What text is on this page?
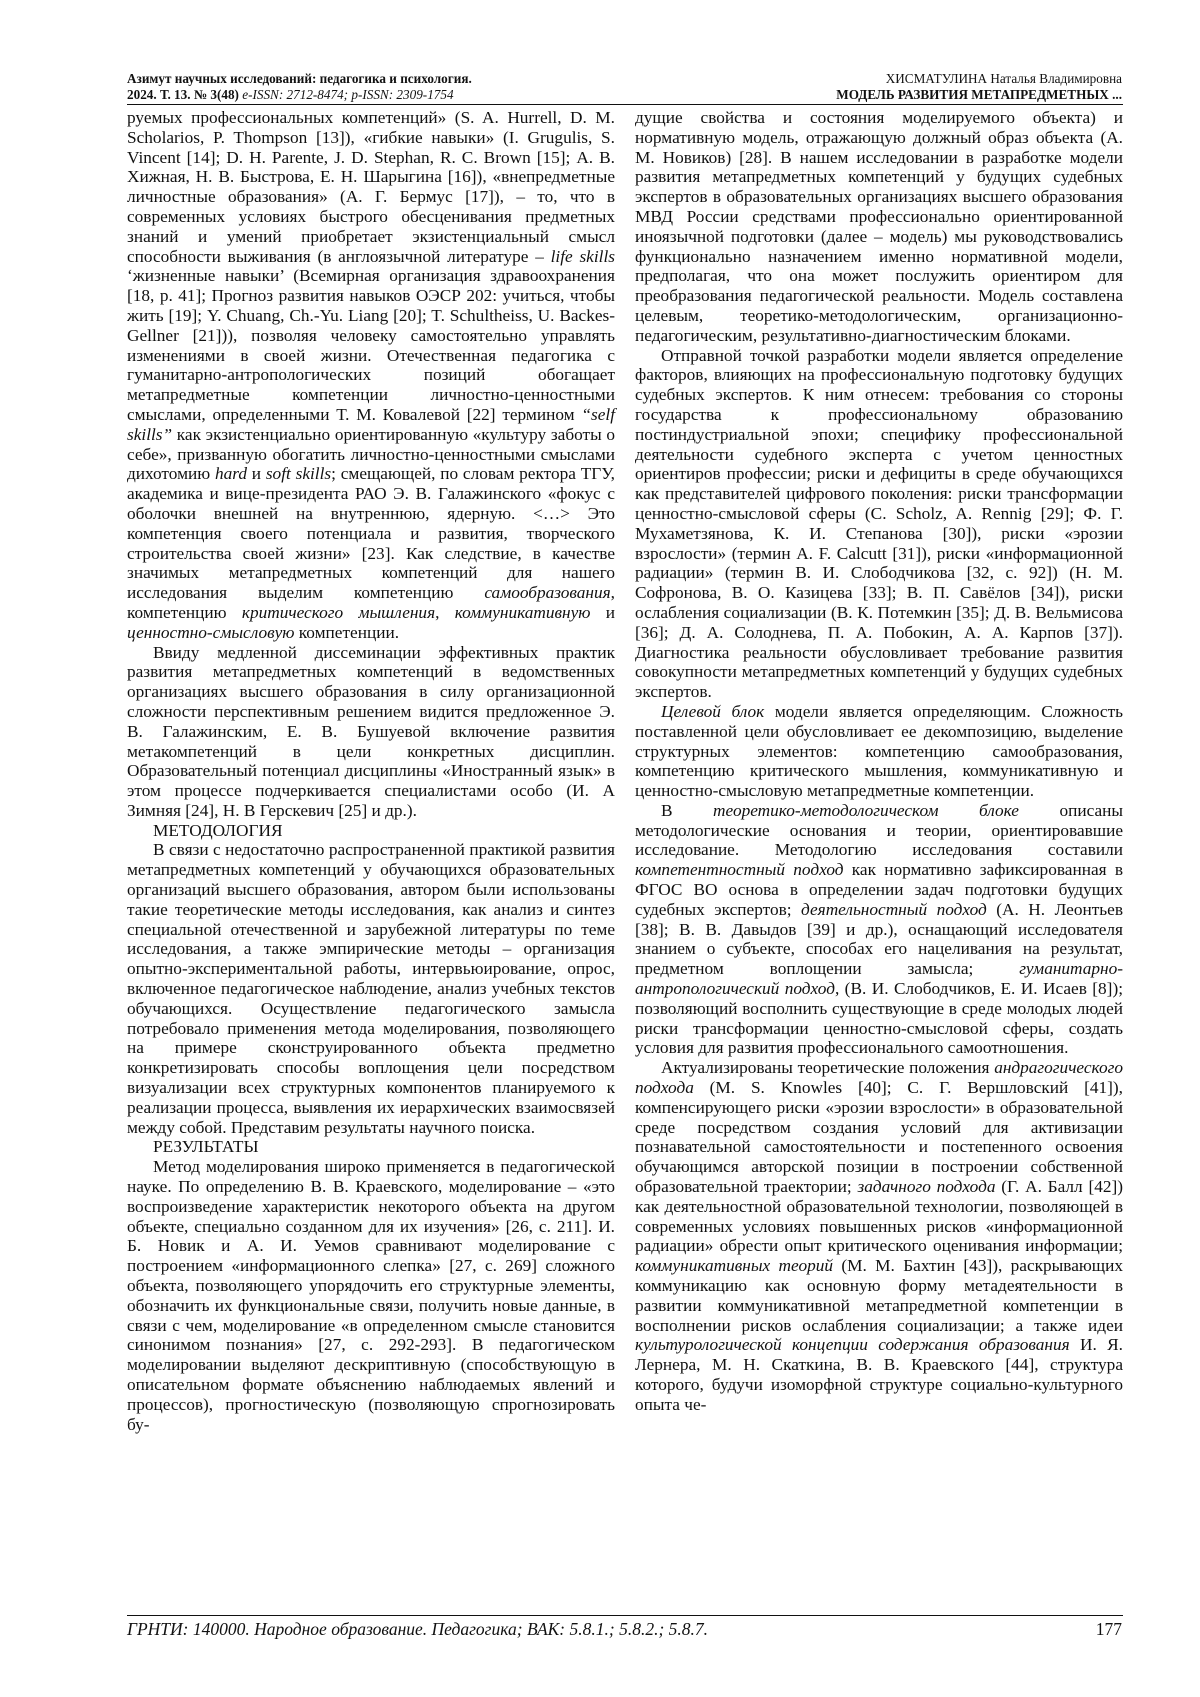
Азимут научных исследований: педагогика и психология.
2024. Т. 13. № 3(48) e-ISSN: 2712-8474; p-ISSN: 2309-1754
ХИСМАТУЛИНА Наталья Владимировна
МОДЕЛЬ РАЗВИТИЯ МЕТАПРЕДМЕТНЫХ ...

руемых профессиональных компетенций» (S. A. Hurrell, D. M. Scholarios, P. Thompson [13]), «гибкие навыки» (I. Grugulis, S. Vincent [14]; D. H. Parente, J. D. Stephan, R. C. Brown [15]; А. В. Хижная, Н. В. Быстрова, Е. Н. Шарыгина [16]), «внепредметные личностные образования» (А. Г. Бермус [17]), – то, что в современных условиях быстрого обесценивания предметных знаний и умений приобретает экзистенциальный смысл способности выживания (в англоязычной литературе – life skills ‘жизненные навыки’ (Всемирная организация здравоохранения [18, р. 41]; Прогноз развития навыков ОЭСР 202: учиться, чтобы жить [19]; Y. Chuang, Ch.-Yu. Liang [20]; T. Schultheiss, U. Backes-Gellner [21])), позволяя человеку самостоятельно управлять изменениями в своей жизни. Отечественная педагогика с гуманитарно-антропологических позиций обогащает метапредметные компетенции личностно-ценностными смыслами, определенными Т. М. Ковалевой [22] термином “self skills” как экзистенциально ориентированную «культуру заботы о себе», призванную обогатить личностно-ценностными смыслами дихотомию hard и soft skills; смещающей, по словам ректора ТГУ, академика и вице-президента РАО Э. В. Галажинского «фокус с оболочки внешней на внутреннюю, ядерную. <…> Это компетенция своего потенциала и развития, творческого строительства своей жизни» [23]. Как следствие, в качестве значимых метапредметных компетенций для нашего исследования выделим компетенцию самообразования, компетенцию критического мышления, коммуникативную и ценностно-смысловую компетенции.

Ввиду медленной диссеминации эффективных практик развития метапредметных компетенций в ведомственных организациях высшего образования в силу организационной сложности перспективным решением видится предложенное Э. В. Галажинским, Е. В. Бушуевой включение развития метакомпетенций в цели конкретных дисциплин. Образовательный потенциал дисциплины «Иностранный язык» в этом процессе подчеркивается специалистами особо (И. А Зимняя [24], Н. В Герскевич [25] и др.).

МЕТОДОЛОГИЯ

В связи с недостаточно распространенной практикой развития метапредметных компетенций у обучающихся образовательных организаций высшего образования, автором были использованы такие теоретические методы исследования, как анализ и синтез специальной отечественной и зарубежной литературы по теме исследования, а также эмпирические методы – организация опытно-экспериментальной работы, интервьюирование, опрос, включенное педагогическое наблюдение, анализ учебных текстов обучающихся. Осуществление педагогического замысла потребовало применения метода моделирования, позволяющего на примере сконструированного объекта предметно конкретизировать способы воплощения цели посредством визуализации всех структурных компонентов планируемого к реализации процесса, выявления их иерархических взаимосвязей между собой. Представим результаты научного поиска.

РЕЗУЛЬТАТЫ

Метод моделирования широко применяется в педагогической науке. По определению В. В. Краевского, моделирование – «это воспроизведение характеристик некоторого объекта на другом объекте, специально созданном для их изучения» [26, с. 211]. И. Б. Новик и А. И. Уемов сравнивают моделирование с построением «информационного слепка» [27, с. 269] сложного объекта, позволяющего упорядочить его структурные элементы, обозначить их функциональные связи, получить новые данные, в связи с чем, моделирование «в определенном смысле становится синонимом познания» [27, с. 292-293]. В педагогическом моделировании выделяют дескриптивную (способствующую в описательном формате объяснению наблюдаемых явлений и процессов), прогностическую (позволяющую спрогнозировать бу-

дущие свойства и состояния моделируемого объекта) и нормативную модель, отражающую должный образ объекта (А. М. Новиков) [28]. В нашем исследовании в разработке модели развития метапредметных компетенций у будущих судебных экспертов в образовательных организациях высшего образования МВД России средствами профессионально ориентированной иноязычной подготовки (далее – модель) мы руководствовались функционально назначением именно нормативной модели, предполагая, что она может послужить ориентиром для преобразования педагогической реальности. Модель составлена целевым, теоретико-методологическим, организационно-педагогическим, результативно-диагностическим блоками.

Отправной точкой разработки модели является определение факторов, влияющих на профессиональную подготовку будущих судебных экспертов. К ним отнесем: требования со стороны государства к профессиональному образованию постиндустриальной эпохи; специфику профессиональной деятельности судебного эксперта с учетом ценностных ориентиров профессии; риски и дефициты в среде обучающихся как представителей цифрового поколения: риски трансформации ценностно-смысловой сферы (C. Scholz, A. Rennig [29]; Ф. Г. Мухаметзянова, К. И. Степанова [30]), риски «эрозии взрослости» (термин A. F. Calcutt [31]), риски «информационной радиации» (термин В. И. Слободчикова [32, с. 92]) (Н. М. Софронова, В. О. Казицева [33]; В. П. Савёлов [34]), риски ослабления социализации (В. К. Потемкин [35]; Д. В. Вельмисова [36]; Д. А. Солоднева, П. А. Побокин, А. А. Карпов [37]). Диагностика реальности обусловливает требование развития совокупности метапредметных компетенций у будущих судебных экспертов.

Целевой блок модели является определяющим. Сложность поставленной цели обусловливает ее декомпозицию, выделение структурных элементов: компетенцию самообразования, компетенцию критического мышления, коммуникативную и ценностно-смысловую метапредметные компетенции.

В теоретико-методологическом блоке описаны методологические основания и теории, ориентировавшие исследование. Методологию исследования составили компетентностный подход как нормативно зафиксированная в ФГОС ВО основа в определении задач подготовки будущих судебных экспертов; деятельностный подход (А. Н. Леонтьев [38]; В. В. Давыдов [39] и др.), оснащающий исследователя знанием о субъекте, способах его нацеливания на результат, предметном воплощении замысла; гуманитарно-антропологический подход, (В. И. Слободчиков, Е. И. Исаев [8]); позволяющий восполнить существующие в среде молодых людей риски трансформации ценностно-смысловой сферы, создать условия для развития профессионального самоотношения.

Актуализированы теоретические положения андрагогического подхода (M. S. Knowles [40]; С. Г. Вершловский [41]), компенсирующего риски «эрозии взрослости» в образовательной среде посредством создания условий для активизации познавательной самостоятельности и постепенного освоения обучающимся авторской позиции в построении собственной образовательной траектории; задачного подхода (Г. А. Балл [42]) как деятельностной образовательной технологии, позволяющей в современных условиях повышенных рисков «информационной радиации» обрести опыт критического оценивания информации; коммуникативных теорий (М. М. Бахтин [43]), раскрывающих коммуникацию как основную форму метадеятельности в развитии коммуникативной метапредметной компетенции в восполнении рисков ослабления социализации; а также идеи культурологической концепции содержания образования И. Я. Лернера, М. Н. Скаткина, В. В. Краевского [44], структура которого, будучи изоморфной структуре социально-культурного опыта че-

ГРНТИ: 140000. Народное образование. Педагогика; ВАК: 5.8.1.; 5.8.2.; 5.8.7.	177
